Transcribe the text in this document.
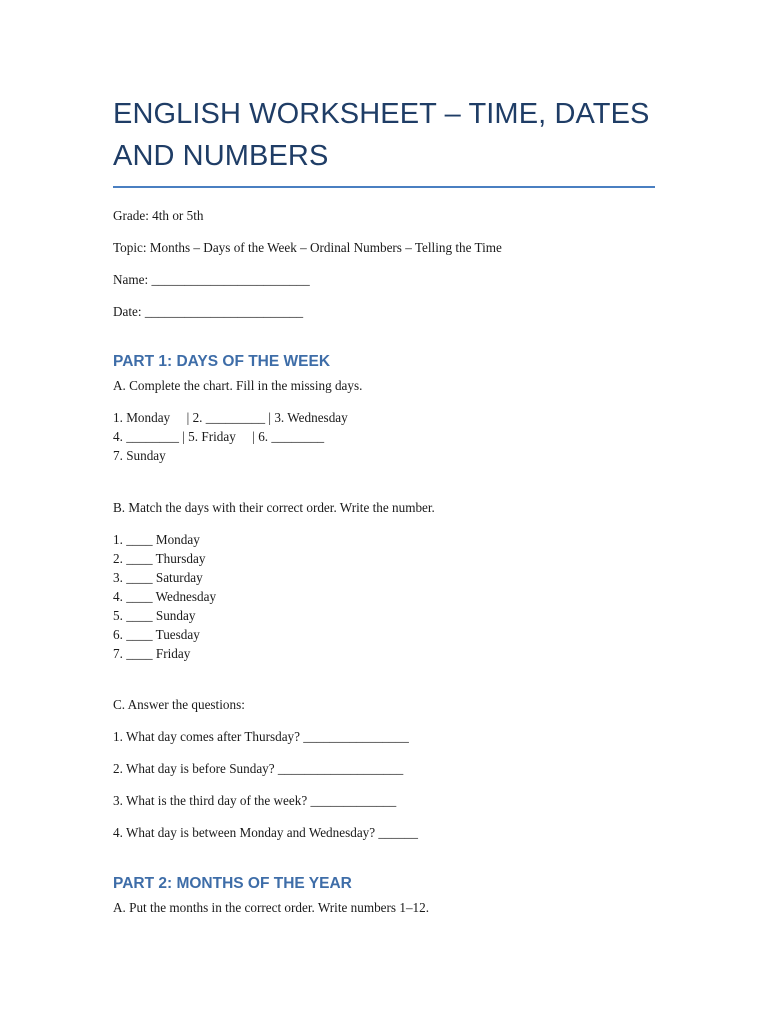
ENGLISH WORKSHEET – TIME, DATES
AND NUMBERS
Grade: 4th or 5th
Topic: Months – Days of the Week – Ordinal Numbers – Telling the Time
Name: ________________________
Date: ________________________
PART 1: DAYS OF THE WEEK
A. Complete the chart. Fill in the missing days.
1. Monday     | 2. _________ | 3. Wednesday
4. ________ | 5. Friday     | 6. ________
7. Sunday
B. Match the days with their correct order. Write the number.
1. ____ Monday
2. ____ Thursday
3. ____ Saturday
4. ____ Wednesday
5. ____ Sunday
6. ____ Tuesday
7. ____ Friday
C. Answer the questions:
1. What day comes after Thursday? ________________
2. What day is before Sunday? ___________________
3. What is the third day of the week? _____________
4. What day is between Monday and Wednesday? ______
PART 2: MONTHS OF THE YEAR
A. Put the months in the correct order. Write numbers 1–12.
